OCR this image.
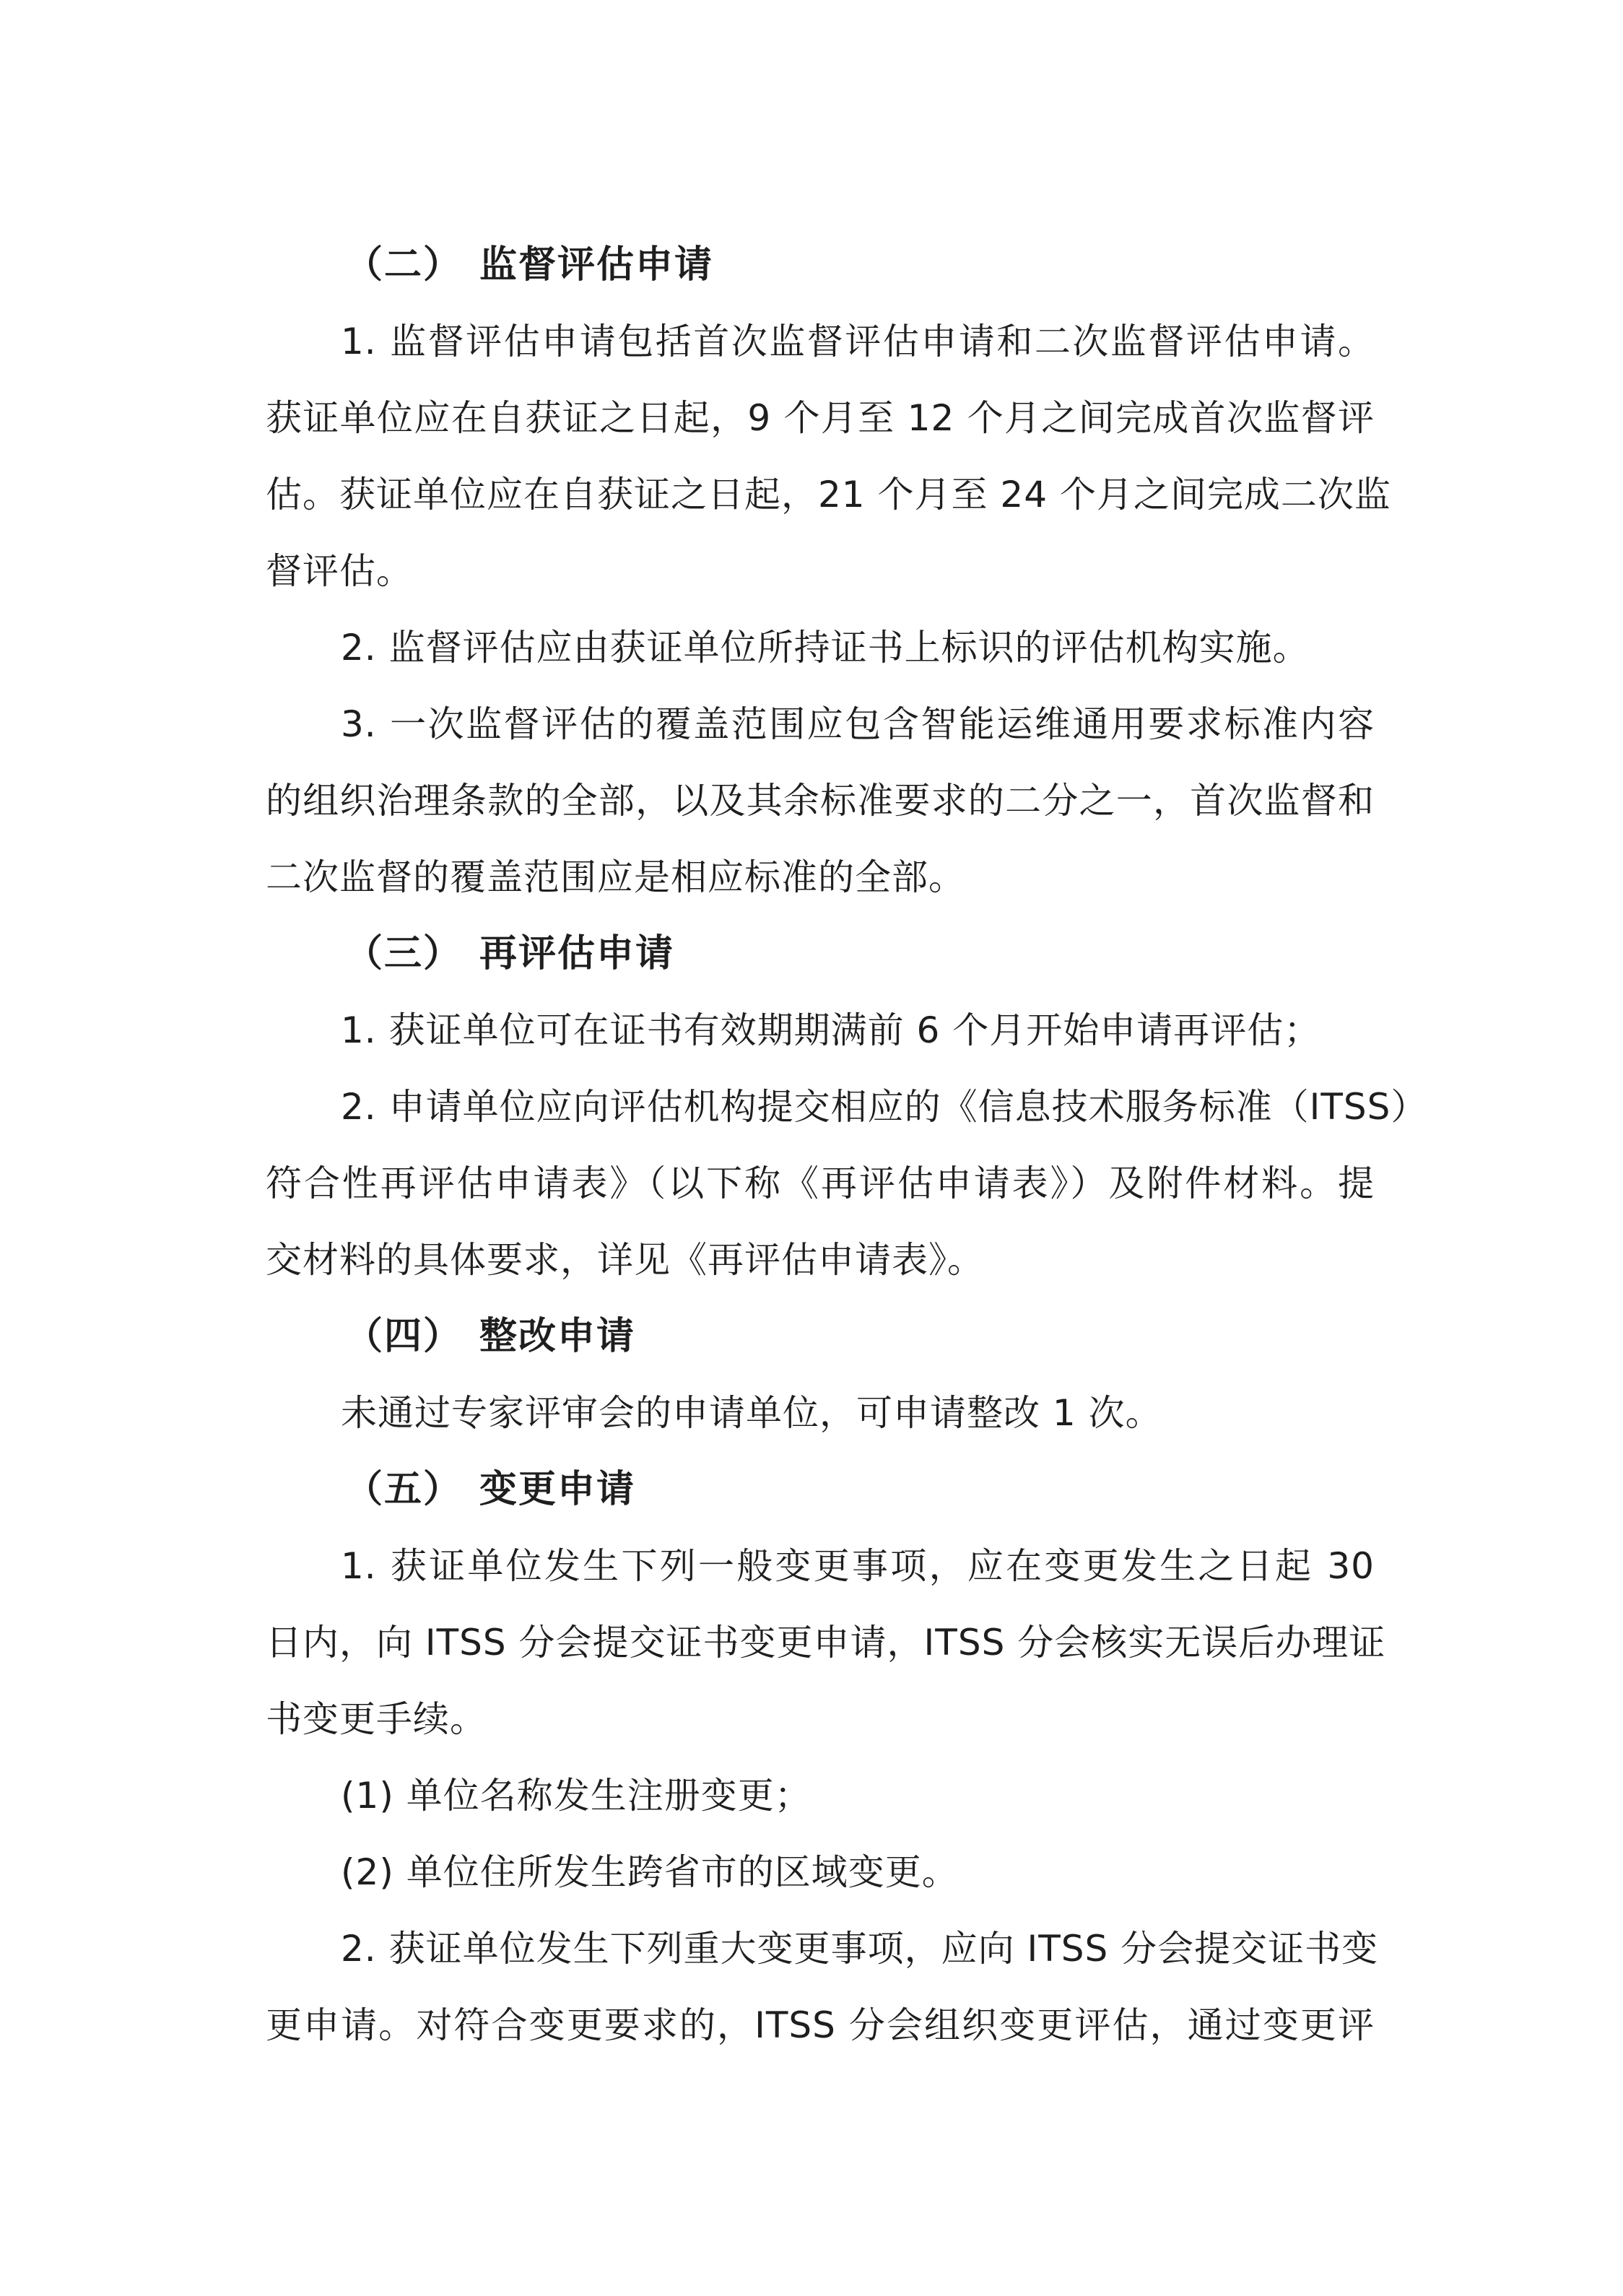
（二） 监督评估申请
1. 监督评估申请包括首次监督评估申请和二次监督评估申请。
获证单位应在自获证之日起，9 个月至 12 个月之间完成首次监督评
估。获证单位应在自获证之日起，21 个月至 24 个月之间完成二次监
督评估。
2. 监督评估应由获证单位所持证书上标识的评估机构实施。
3. 一次监督评估的覆盖范围应包含智能运维通用要求标准内容
的组织治理条款的全部，以及其余标准要求的二分之一，首次监督和
二次监督的覆盖范围应是相应标准的全部。
（三） 再评估申请
1. 获证单位可在证书有效期期满前 6 个月开始申请再评估；
2. 申请单位应向评估机构提交相应的《信息技术服务标准（ITSS）
符合性再评估申请表》（以下称《再评估申请表》）及附件材料。提
交材料的具体要求，详见《再评估申请表》。
（四） 整改申请
未通过专家评审会的申请单位，可申请整改 1 次。
（五） 变更申请
1. 获证单位发生下列一般变更事项，应在变更发生之日起 30
日内，向 ITSS 分会提交证书变更申请，ITSS 分会核实无误后办理证
书变更手续。
(1) 单位名称发生注册变更；
(2) 单位住所发生跨省市的区域变更。
2. 获证单位发生下列重大变更事项，应向 ITSS 分会提交证书变
更申请。对符合变更要求的，ITSS 分会组织变更评估，通过变更评
